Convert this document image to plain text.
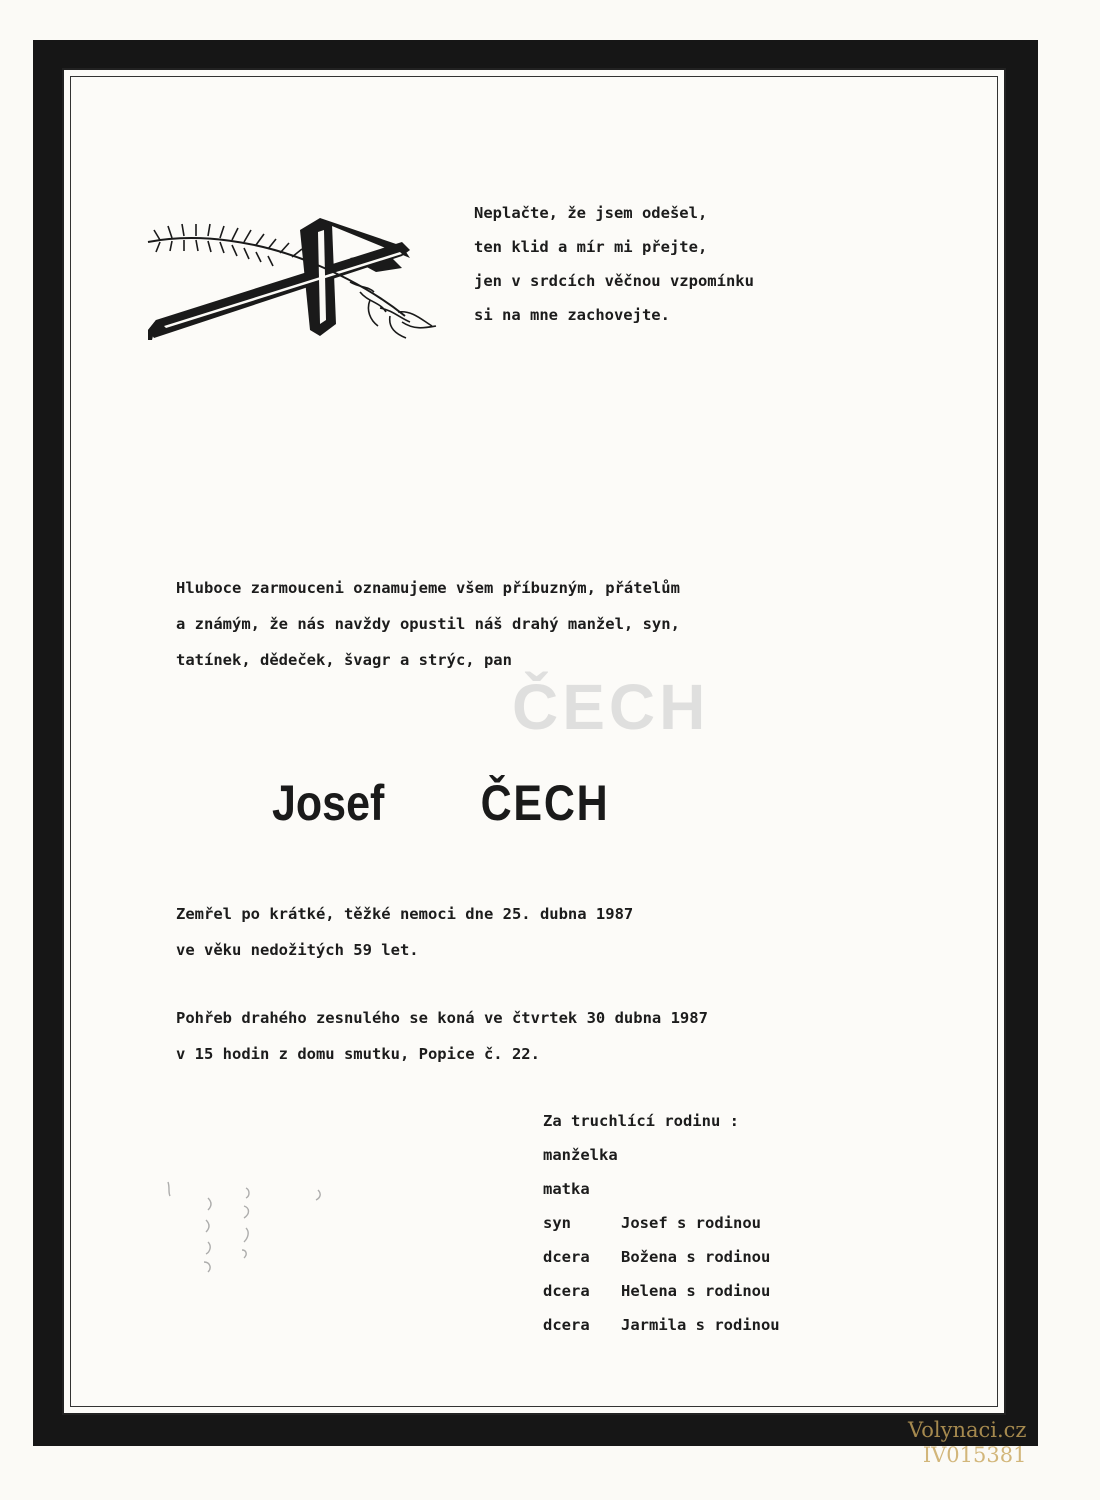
Neplačte, že jsem odešel,
ten klid a mír mi přejte,
jen v srdcích věčnou vzpomínku
si na mne zachovejte.
Hluboce zarmouceni oznamujeme všem příbuzným, přátelům
a známým, že nás navždy opustil náš drahý manžel, syn,
tatínek, dědeček, švagr a strýc, pan
ČECH
Josef ČECH
Zemřel po krátké, těžké nemoci dne 25. dubna 1987
ve věku nedožitých 59 let.
Pohřeb drahého zesnulého se koná ve čtvrtek 30 dubna 1987
v 15 hodin z domu smutku, Popice č. 22.
Za truchlící rodinu :
manželka
matka
syn	Josef s rodinou
dcera Božena s rodinou
dcera Helena s rodinou
dcera Jarmila s rodinou
Volynaci.cz
IV015381
